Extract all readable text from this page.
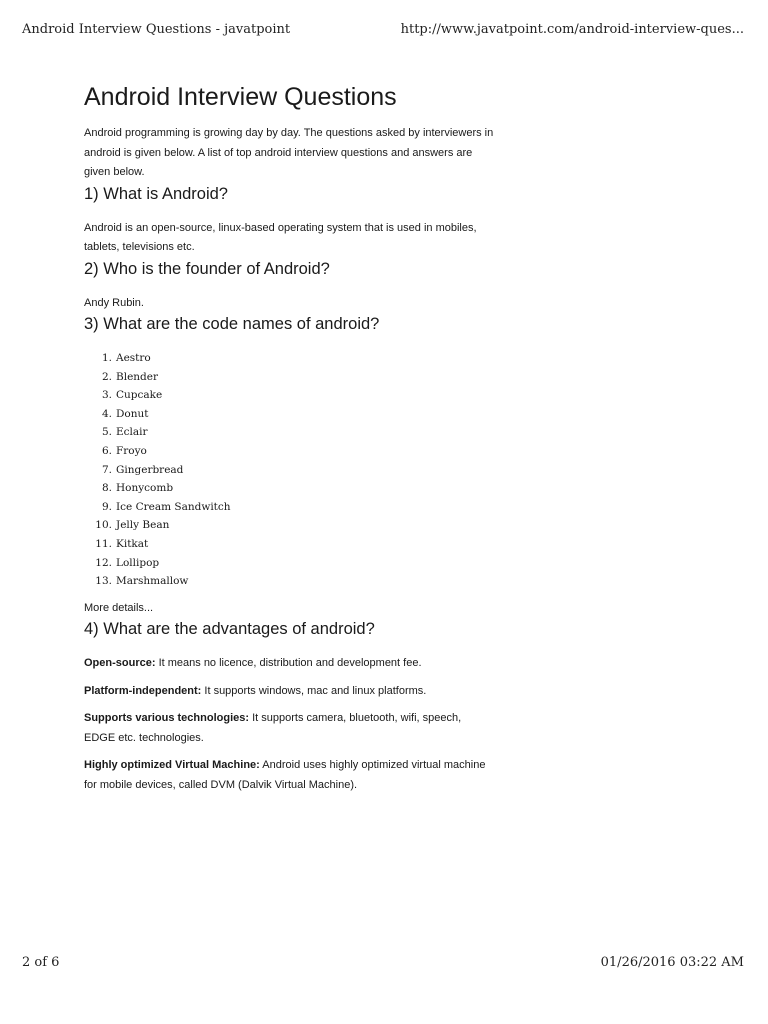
Android Interview Questions - javatpoint	http://www.javatpoint.com/android-interview-ques...
Android Interview Questions

Android programming is growing day by day. The questions asked by interviewers in android is given below. A list of top android interview questions and answers are given below.

1) What is Android?

Android is an open-source, linux-based operating system that is used in mobiles, tablets, televisions etc.

2) Who is the founder of Android?

Andy Rubin.

3) What are the code names of android?
1. Aestro
2. Blender
3. Cupcake
4. Donut
5. Eclair
6. Froyo
7. Gingerbread
8. Honycomb
9. Ice Cream Sandwitch
10. Jelly Bean
11. Kitkat
12. Lollipop
13. Marshmallow

More details...

4) What are the advantages of android?

Open-source: It means no licence, distribution and development fee.

Platform-independent: It supports windows, mac and linux platforms.

Supports various technologies: It supports camera, bluetooth, wifi, speech, EDGE etc. technologies.

Highly optimized Virtual Machine: Android uses highly optimized virtual machine for mobile devices, called DVM (Dalvik Virtual Machine).

2 of 6	01/26/2016 03:22 AM
